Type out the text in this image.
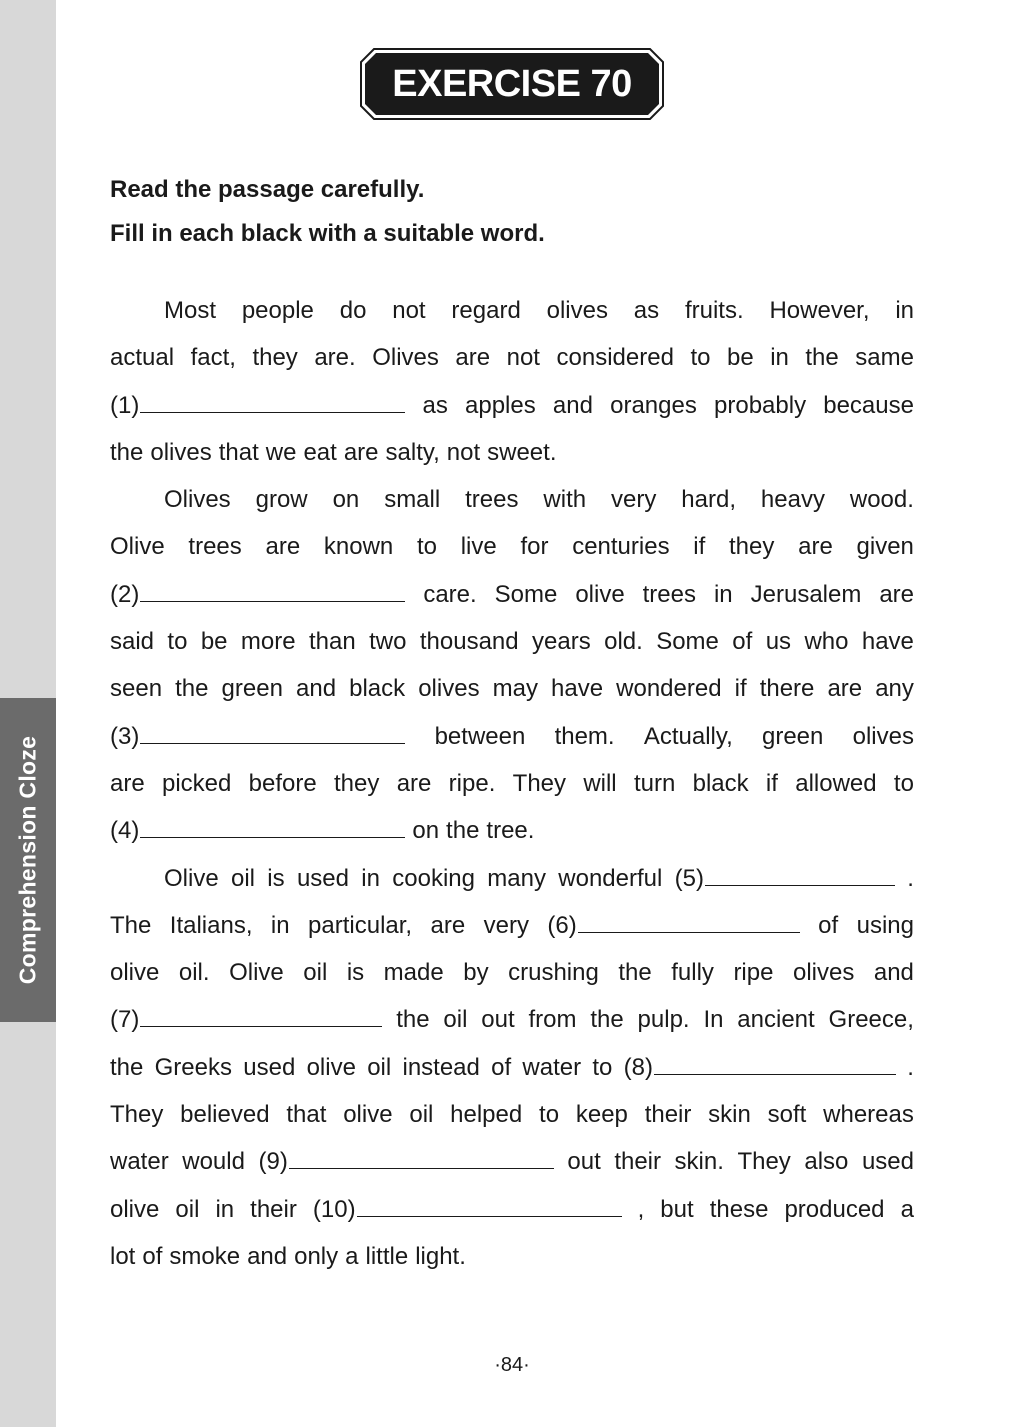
Comprehension Cloze
EXERCISE 70
Read the passage carefully.
Fill in each black with a suitable word.
Most people do not regard olives as fruits. However, in
actual fact, they are. Olives are not considered to be in the same
(1)	as apples and oranges probably because
the olives that we eat are salty, not sweet.
Olives grow on small trees with very hard, heavy wood.
Olive trees are known to live for centuries if they are given
(2)	care. Some olive trees in Jerusalem are
said to be more than two thousand years old. Some of us who have
seen the green and black olives may have wondered if there are any
(3)	between them. Actually, green olives
are picked before they are ripe. They will turn black if allowed to
(4)	on the tree.
Olive oil is used in cooking many wonderful (5)	.
The Italians, in particular, are very (6)	of using
olive oil. Olive oil is made by crushing the fully ripe olives and
(7)	the oil out from the pulp. In ancient Greece,
the Greeks used olive oil instead of water to (8)	.
They believed that olive oil helped to keep their skin soft whereas
water would (9)	out their skin. They also used
olive oil in their (10)	, but these produced a
lot of smoke and only a little light.
·84·
